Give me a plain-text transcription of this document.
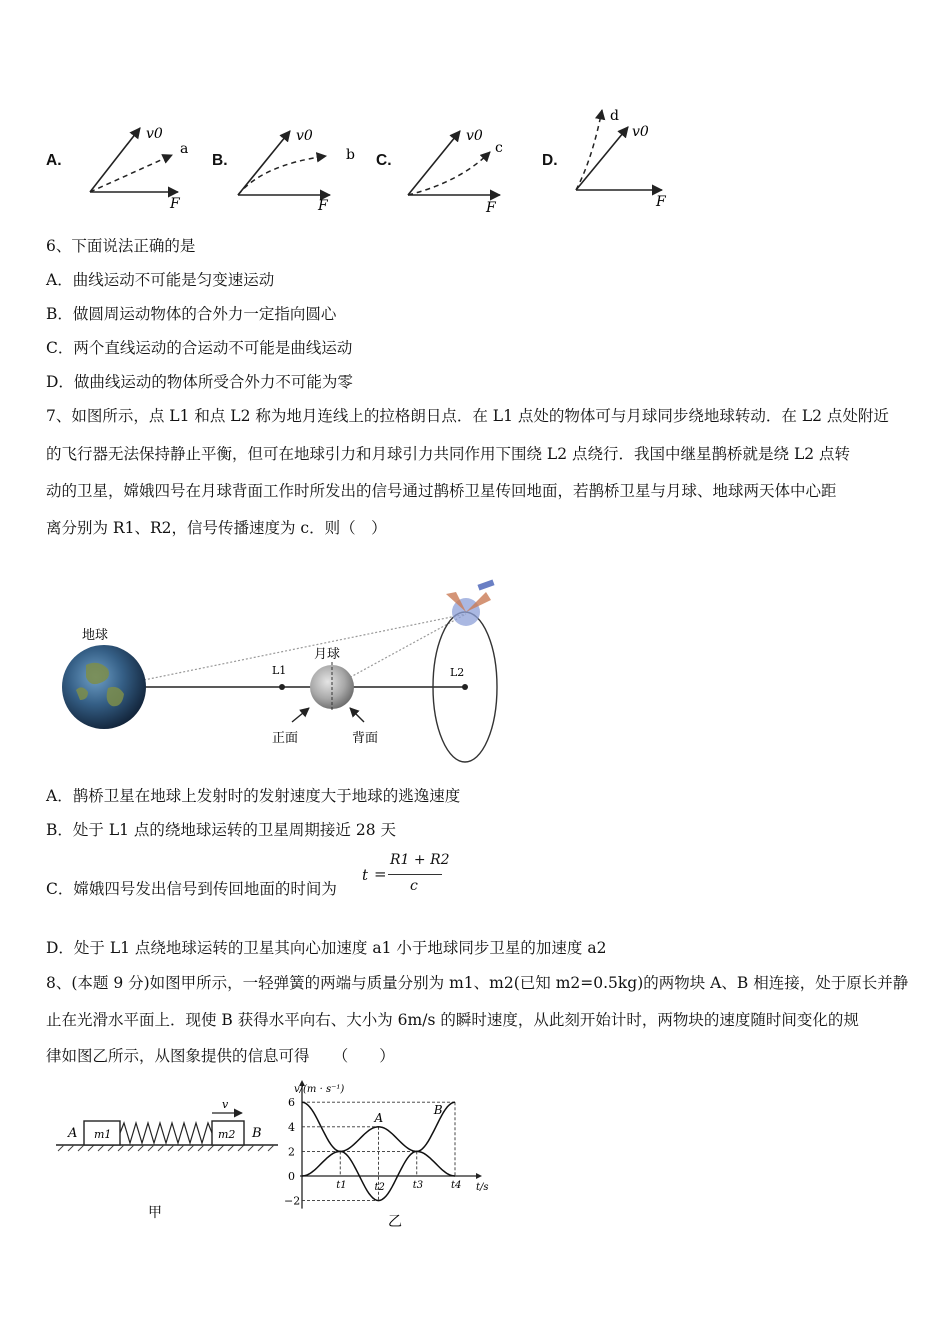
A.	B.	C.	D.
v0
a
F
v0
b
F
v0
c
F
v0
d
F
6、下面说法正确的是
A．曲线运动不可能是匀变速运动
B．做圆周运动物体的合外力一定指向圆心
C．两个直线运动的合运动不可能是曲线运动
D．做曲线运动的物体所受合外力不可能为零
7、如图所示，点 L1 和点 L2 称为地月连线上的拉格朗日点．在 L1 点处的物体可与月球同步绕地球转动．在 L2 点处附近
的飞行器无法保持静止平衡，但可在地球引力和月球引力共同作用下围绕 L2 点绕行．我国中继星鹊桥就是绕 L2 点转
动的卫星，嫦娥四号在月球背面工作时所发出的信号通过鹊桥卫星传回地面，若鹊桥卫星与月球、地球两天体中心距
离分别为 R1、R2，信号传播速度为 c．则（　）
地球
L1
月球
正面	背面
L2
A．鹊桥卫星在地球上发射时的发射速度大于地球的逃逸速度
B．处于 L1 点的绕地球运转的卫星周期接近 28 天
C．嫦娥四号发出信号到传回地面的时间为
t =
R1 + R2
c
D．处于 L1 点绕地球运转的卫星其向心加速度 a1 小于地球同步卫星的加速度 a2
8、(本题 9 分)如图甲所示，一轻弹簧的两端与质量分别为 m1、m2(已知 m2=0.5kg)的两物块 A、B 相连接，处于原长并静
止在光滑水平面上．现使 B 获得水平向右、大小为 6m/s 的瞬时速度，从此刻开始计时，两物块的速度随时间变化的规
律如图乙所示，从图象提供的信息可得　　（　　）
m1
A	m2 B
v
甲
6
4
2
0
−2
t1	t2	t3	t4
A
B
v/(m · s⁻¹)
t/s
乙
